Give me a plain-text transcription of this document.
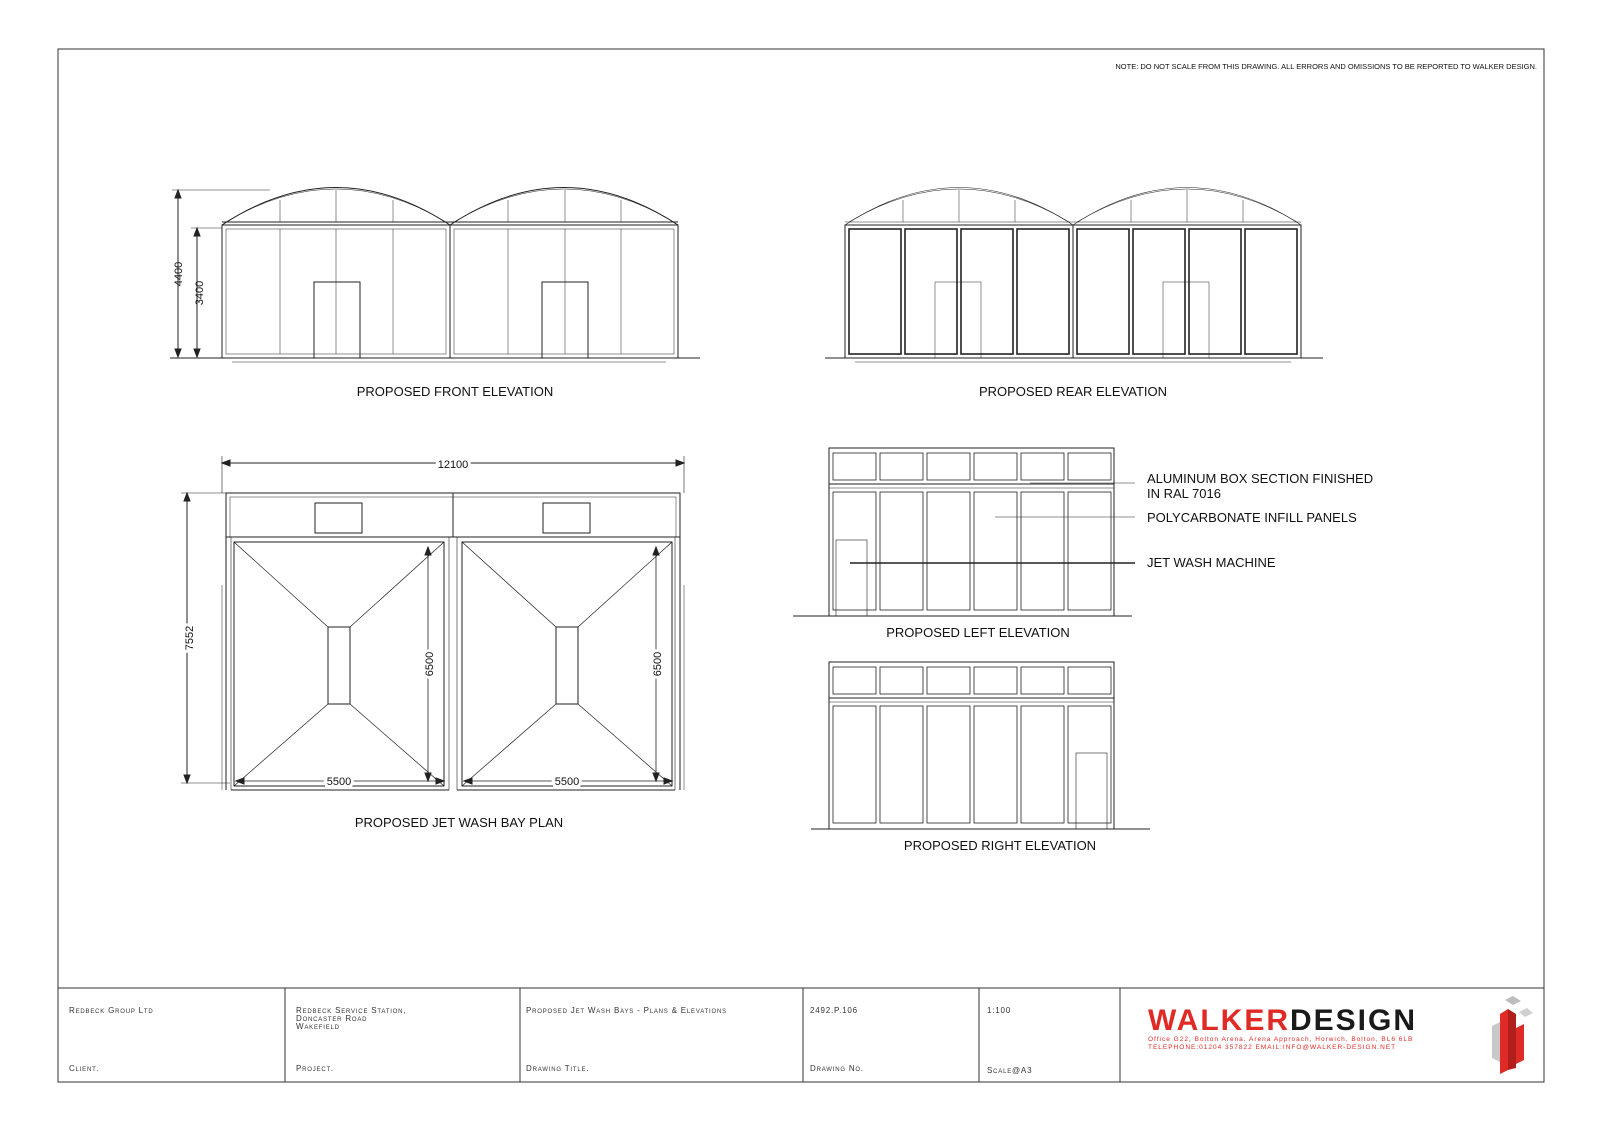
NOTE: DO NOT SCALE FROM THIS DRAWING. ALL ERRORS AND OMISSIONS TO BE REPORTED TO WALKER DESIGN.
4400
3400
PROPOSED FRONT ELEVATION	PROPOSED REAR ELEVATION
12100
7552
6500	6500
5500	5500
PROPOSED JET WASH BAY PLAN
ALUMINUM BOX SECTION FINISHED
IN RAL 7016
POLYCARBONATE INFILL PANELS
JET WASH MACHINE
PROPOSED LEFT ELEVATION
PROPOSED RIGHT ELEVATION
Redbeck Group Ltd
Client.
Redbeck Service Station,
Doncaster Road
Wakefield
Project.
Proposed Jet Wash Bays - Plans & Elevations
Drawing Title.
2492.P.106
Drawing No.
1:100
Scale@A3
WALKERDESIGN
Office G22, Bolton Arena, Arena Approach, Horwich, Bolton, BL6 6LB
TELEPHONE:01204 357822 EMAIL:INFO@WALKER-DESIGN.NET
